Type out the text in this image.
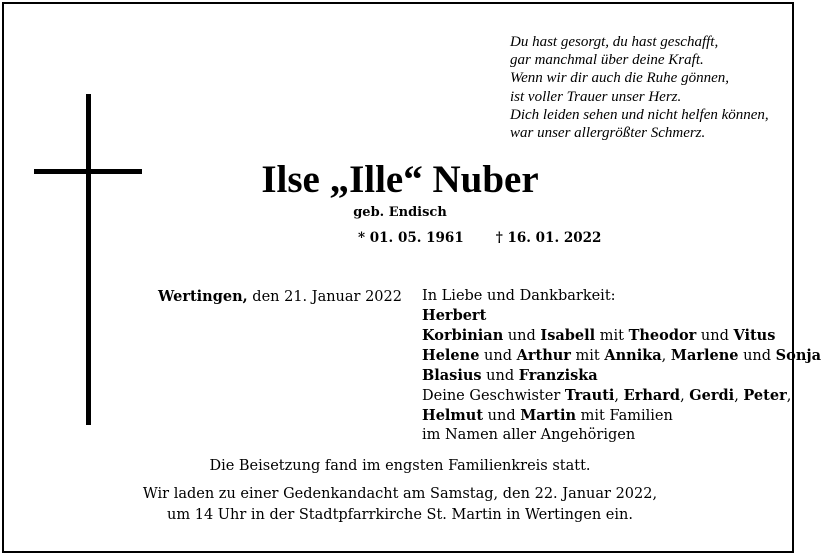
Du hast gesorgt, du hast geschafft,
gar manchmal über deine Kraft.
Wenn wir dir auch die Ruhe gönnen,
ist voller Trauer unser Herz.
Dich leiden sehen und nicht helfen können,
war unser allergrößter Schmerz.
Ilse „Ille“ Nuber
geb. Endisch
* 01. 05. 1961 † 16. 01. 2022
Wertingen, den 21. Januar 2022 In Liebe und Dankbarkeit:
Herbert
Korbinian und Isabell mit Theodor und Vitus
Helene und Arthur mit Annika, Marlene und Sonja
Blasius und Franziska
Deine Geschwister Trauti, Erhard, Gerdi, Peter,
Helmut und Martin mit Familien
im Namen aller Angehörigen
Die Beisetzung fand im engsten Familienkreis statt.
Wir laden zu einer Gedenkandacht am Samstag, den 22. Januar 2022,
um 14 Uhr in der Stadtpfarrkirche St. Martin in Wertingen ein.
